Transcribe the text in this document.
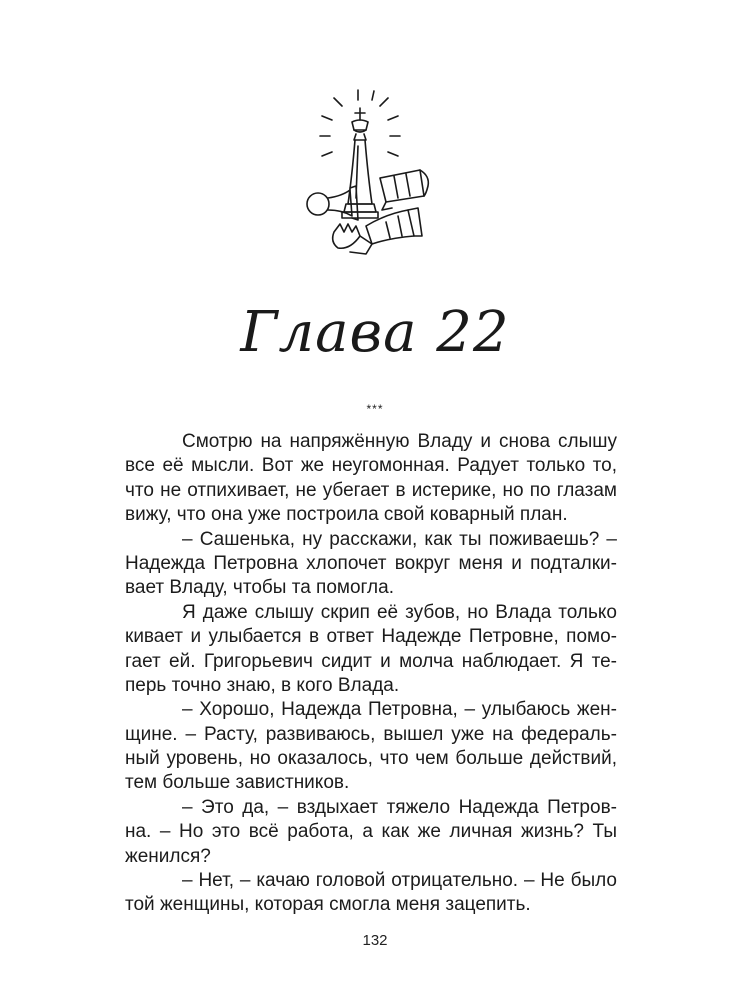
Глава 22
***
Смотрю на напряжённую Владу и снова слышу
все её мысли. Вот же неугомонная. Радует только то,
что не отпихивает, не убегает в истерике, но по глазам
вижу, что она уже построила свой коварный план.
– Сашенька, ну расскажи, как ты поживаешь? –
Надежда Петровна хлопочет вокруг меня и подталки-
вает Владу, чтобы та помогла.
Я даже слышу скрип её зубов, но Влада только
кивает и улыбается в ответ Надежде Петровне, помо-
гает ей. Григорьевич сидит и молча наблюдает. Я те-
перь точно знаю, в кого Влада.
– Хорошо, Надежда Петровна, – улыбаюсь жен-
щине. – Расту, развиваюсь, вышел уже на федераль-
ный уровень, но оказалось, что чем больше действий,
тем больше завистников.
– Это да, – вздыхает тяжело Надежда Петров-
на. – Но это всё работа, а как же личная жизнь? Ты
женился?
– Нет, – качаю головой отрицательно. – Не было
той женщины, которая смогла меня зацепить.
132
